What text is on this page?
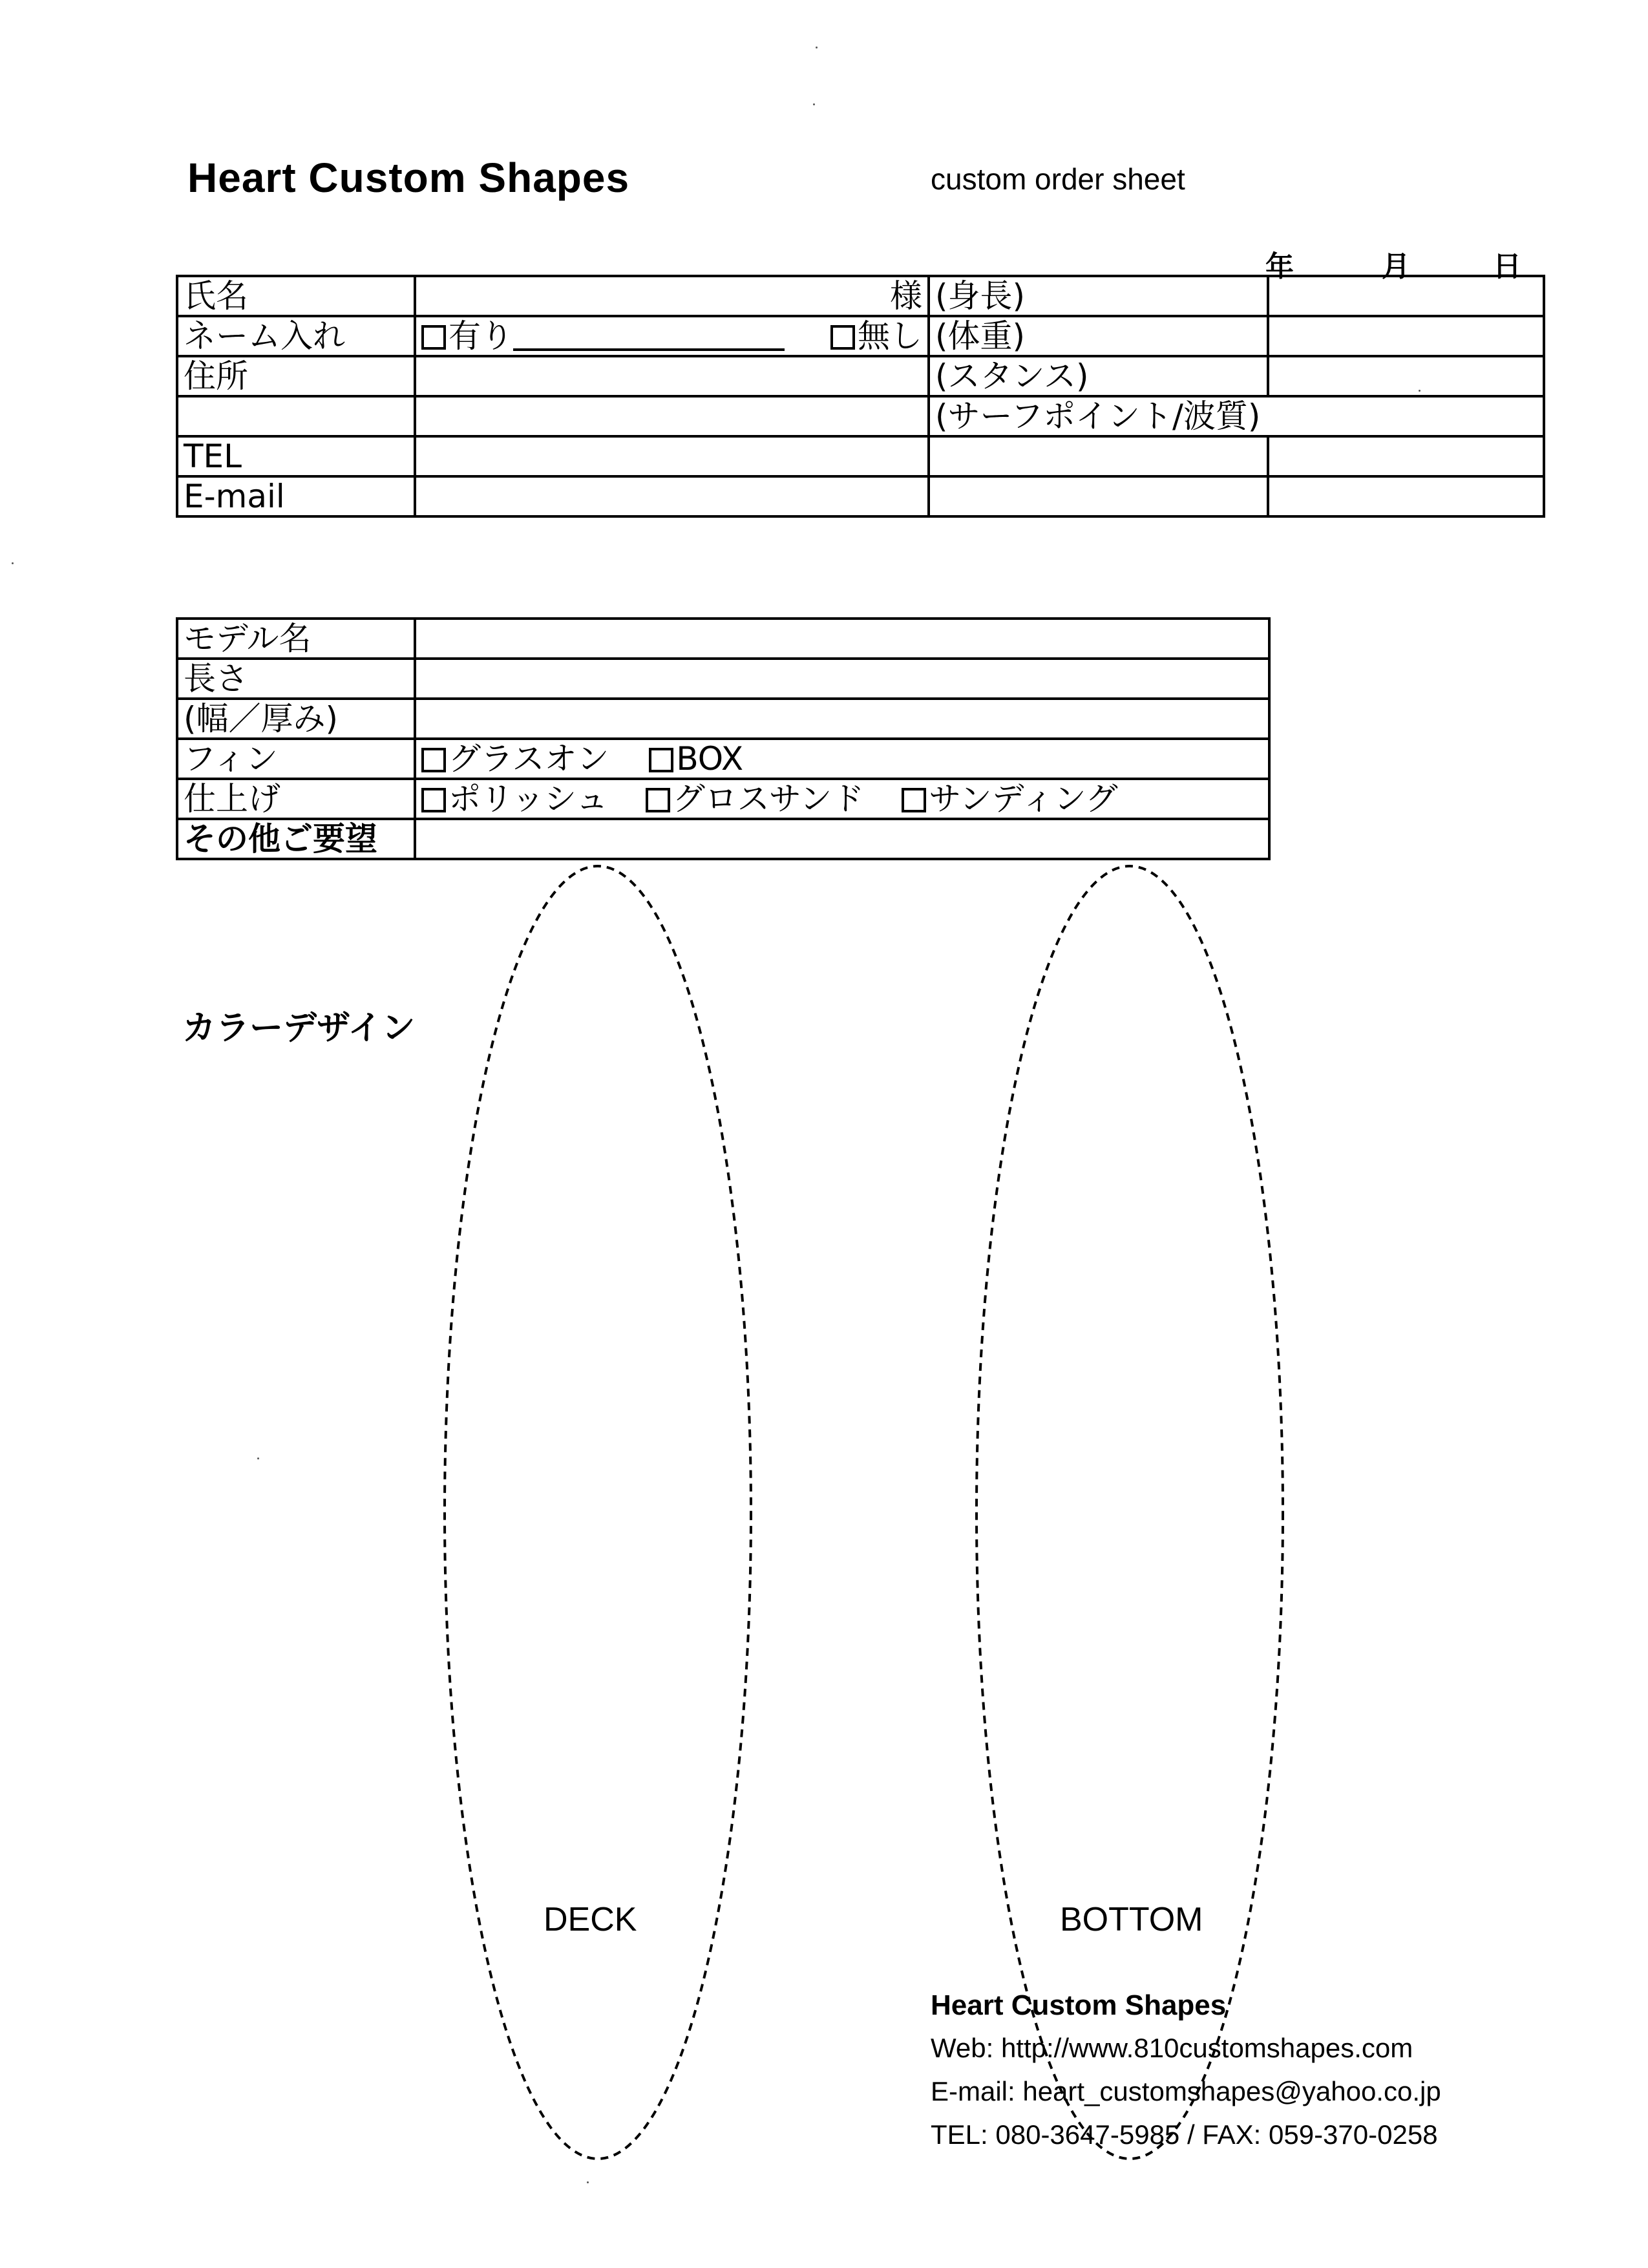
Heart Custom Shapes	custom order sheet
年	月	日
氏名	様	(身長)	
ネーム入れ	有り 無し	(体重)	
住所		(スタンス)	
		(サーフポイント/波質)	
TEL			
E-mail			
モデル名	
長さ	
(幅／厚み)	
フィン	グラスオン BOX
仕上げ	ポリッシュ グロスサンド サンディング
その他ご要望	
カラーデザイン
DECK	BOTTOM
Heart Custom Shapes
Web: http://www.810customshapes.com
E-mail: heart_customshapes@yahoo.co.jp
TEL: 080-3647-5985 / FAX: 059-370-0258
